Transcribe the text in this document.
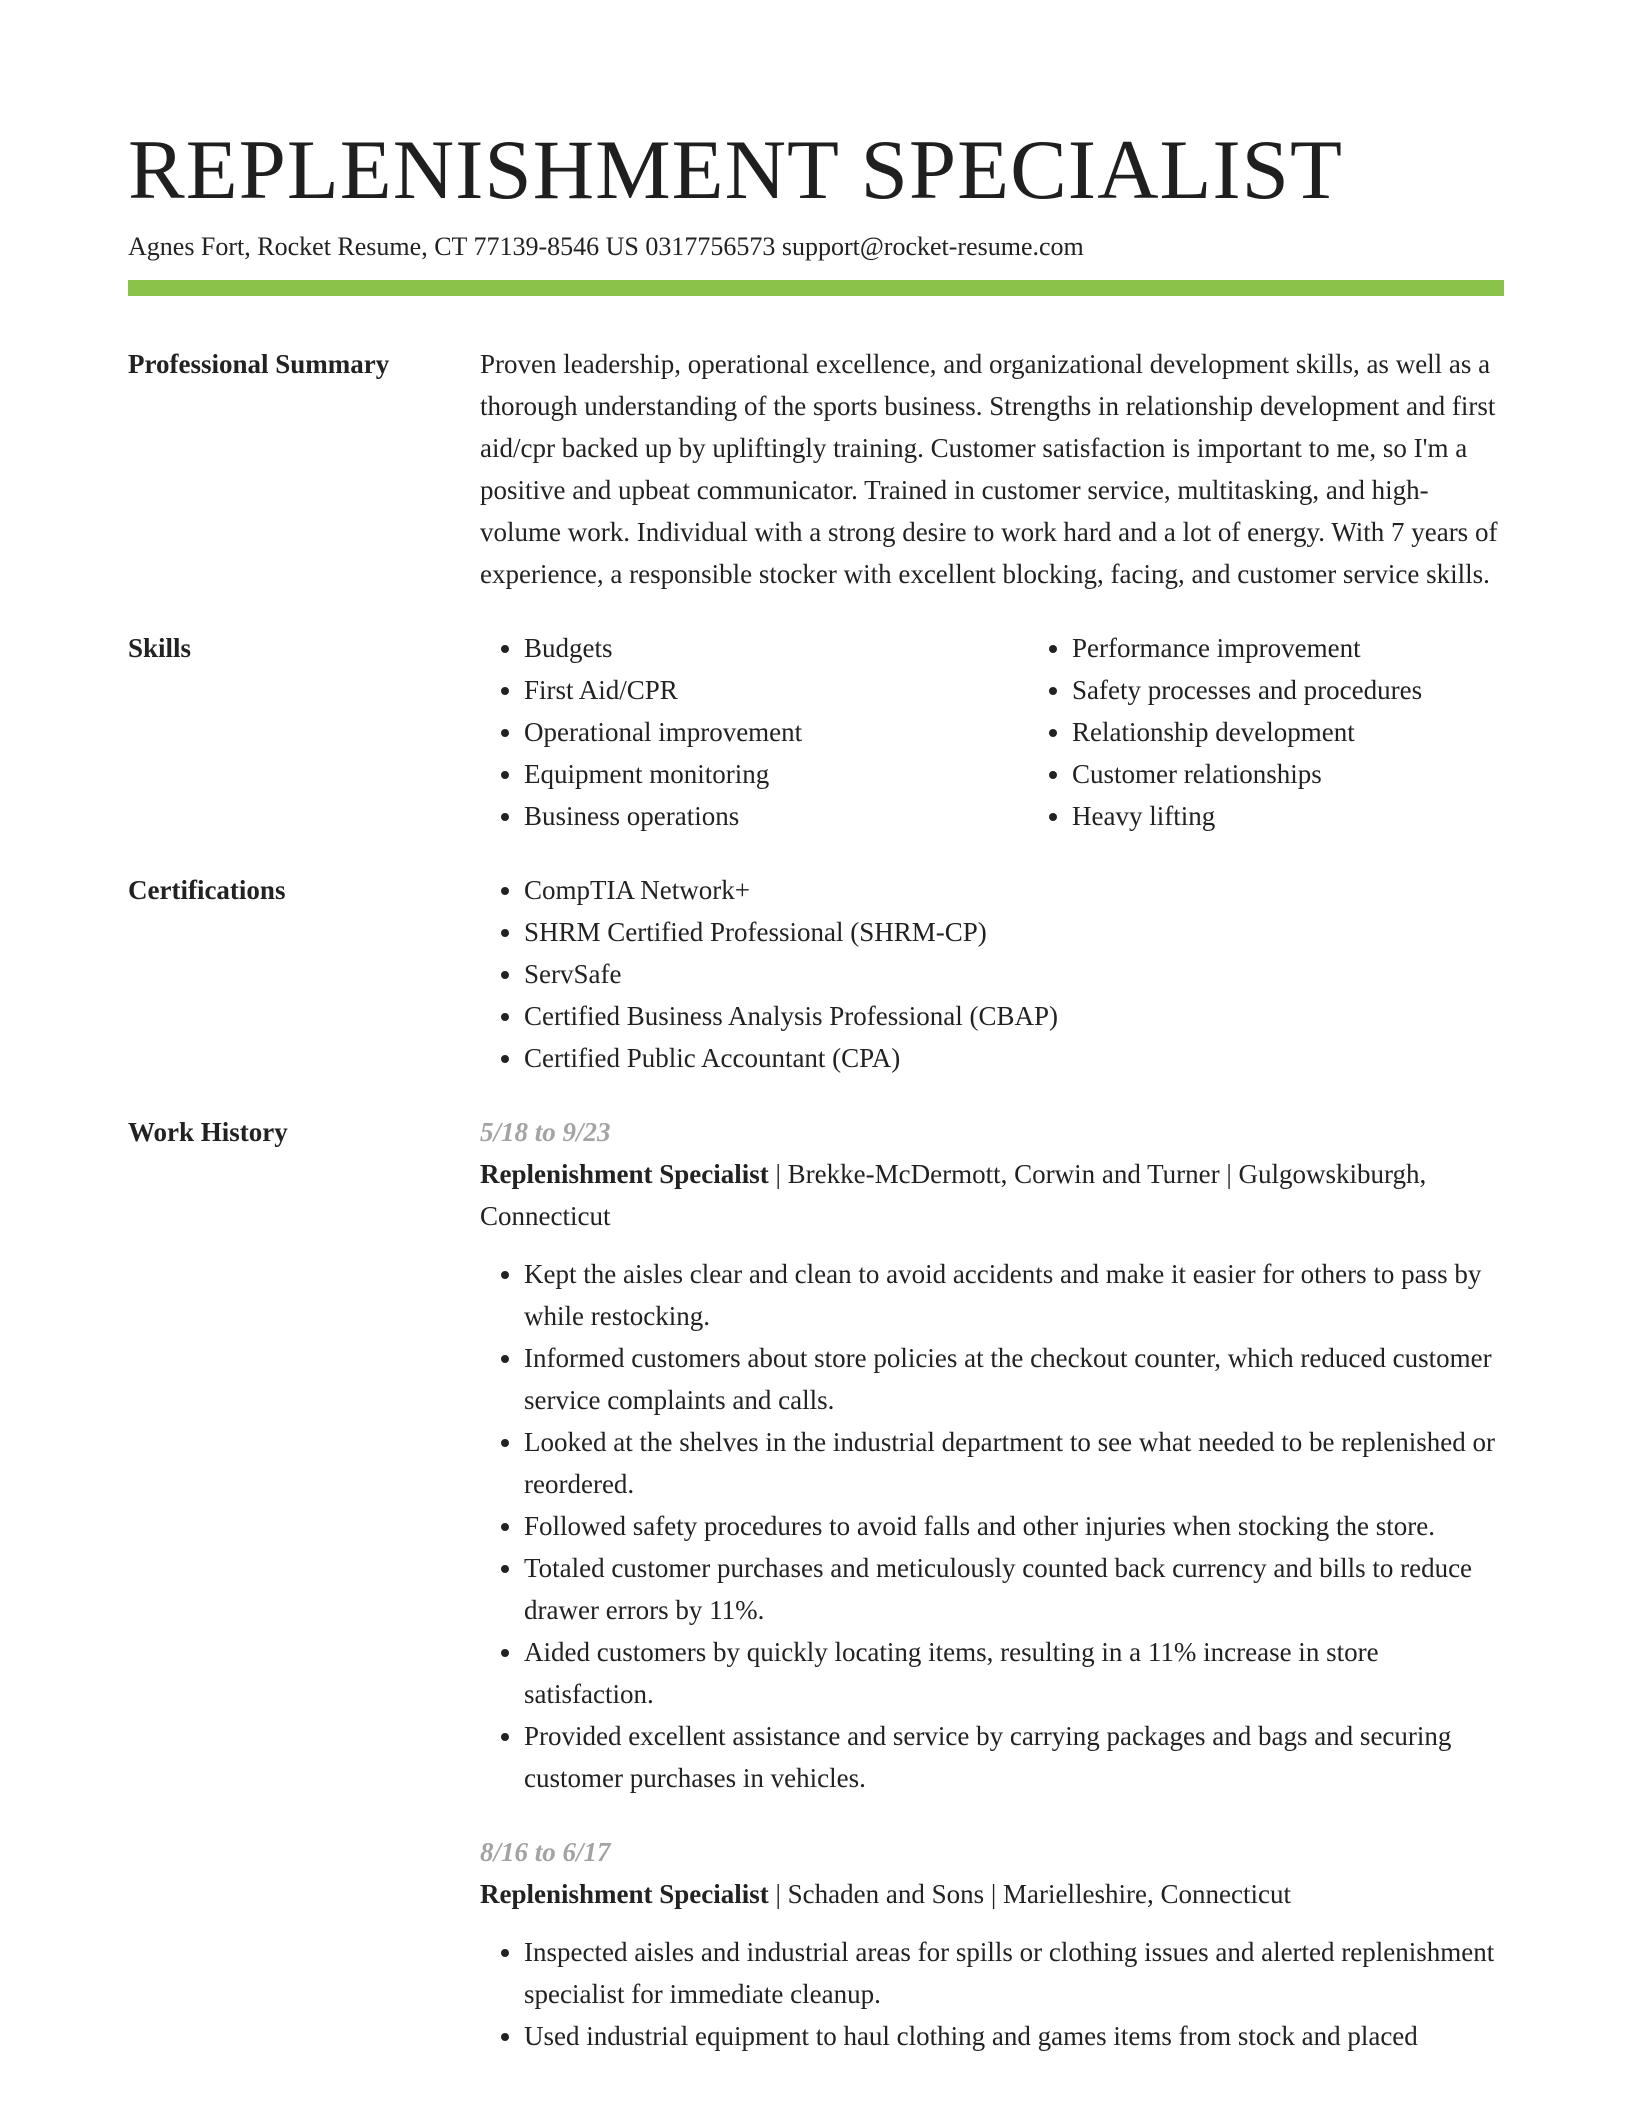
REPLENISHMENT SPECIALIST
Agnes Fort, Rocket Resume, CT 77139-8546 US 0317756573 support@rocket-resume.com
Professional Summary	Proven leadership, operational excellence, and organizational development skills, as well as a thorough understanding of the sports business. Strengths in relationship development and first aid/cpr backed up by upliftingly training. Customer satisfaction is important to me, so I'm a positive and upbeat communicator. Trained in customer service, multitasking, and high-volume work. Individual with a strong desire to work hard and a lot of energy. With 7 years of experience, a responsible stocker with excellent blocking, facing, and customer service skills.

Skills	• Budgets
• First Aid/CPR
• Operational improvement
• Equipment monitoring
• Business operations
• Performance improvement
• Safety processes and procedures
• Relationship development
• Customer relationships
• Heavy lifting
Certifications	• CompTIA Network+
• SHRM Certified Professional (SHRM-CP)
• ServSafe
• Certified Business Analysis Professional (CBAP)
• Certified Public Accountant (CPA)
Work History	5/18 to 9/23
Replenishment Specialist | Brekke-McDermott, Corwin and Turner | Gulgowskiburgh, Connecticut
• Kept the aisles clear and clean to avoid accidents and make it easier for others to pass by while restocking.
• Informed customers about store policies at the checkout counter, which reduced customer service complaints and calls.
• Looked at the shelves in the industrial department to see what needed to be replenished or reordered.
• Followed safety procedures to avoid falls and other injuries when stocking the store.
• Totaled customer purchases and meticulously counted back currency and bills to reduce drawer errors by 11%.
• Aided customers by quickly locating items, resulting in a 11% increase in store satisfaction.
• Provided excellent assistance and service by carrying packages and bags and securing customer purchases in vehicles.
8/16 to 6/17
Replenishment Specialist | Schaden and Sons | Marielleshire, Connecticut
• Inspected aisles and industrial areas for spills or clothing issues and alerted replenishment specialist for immediate cleanup.
• Used industrial equipment to haul clothing and games items from stock and placed
